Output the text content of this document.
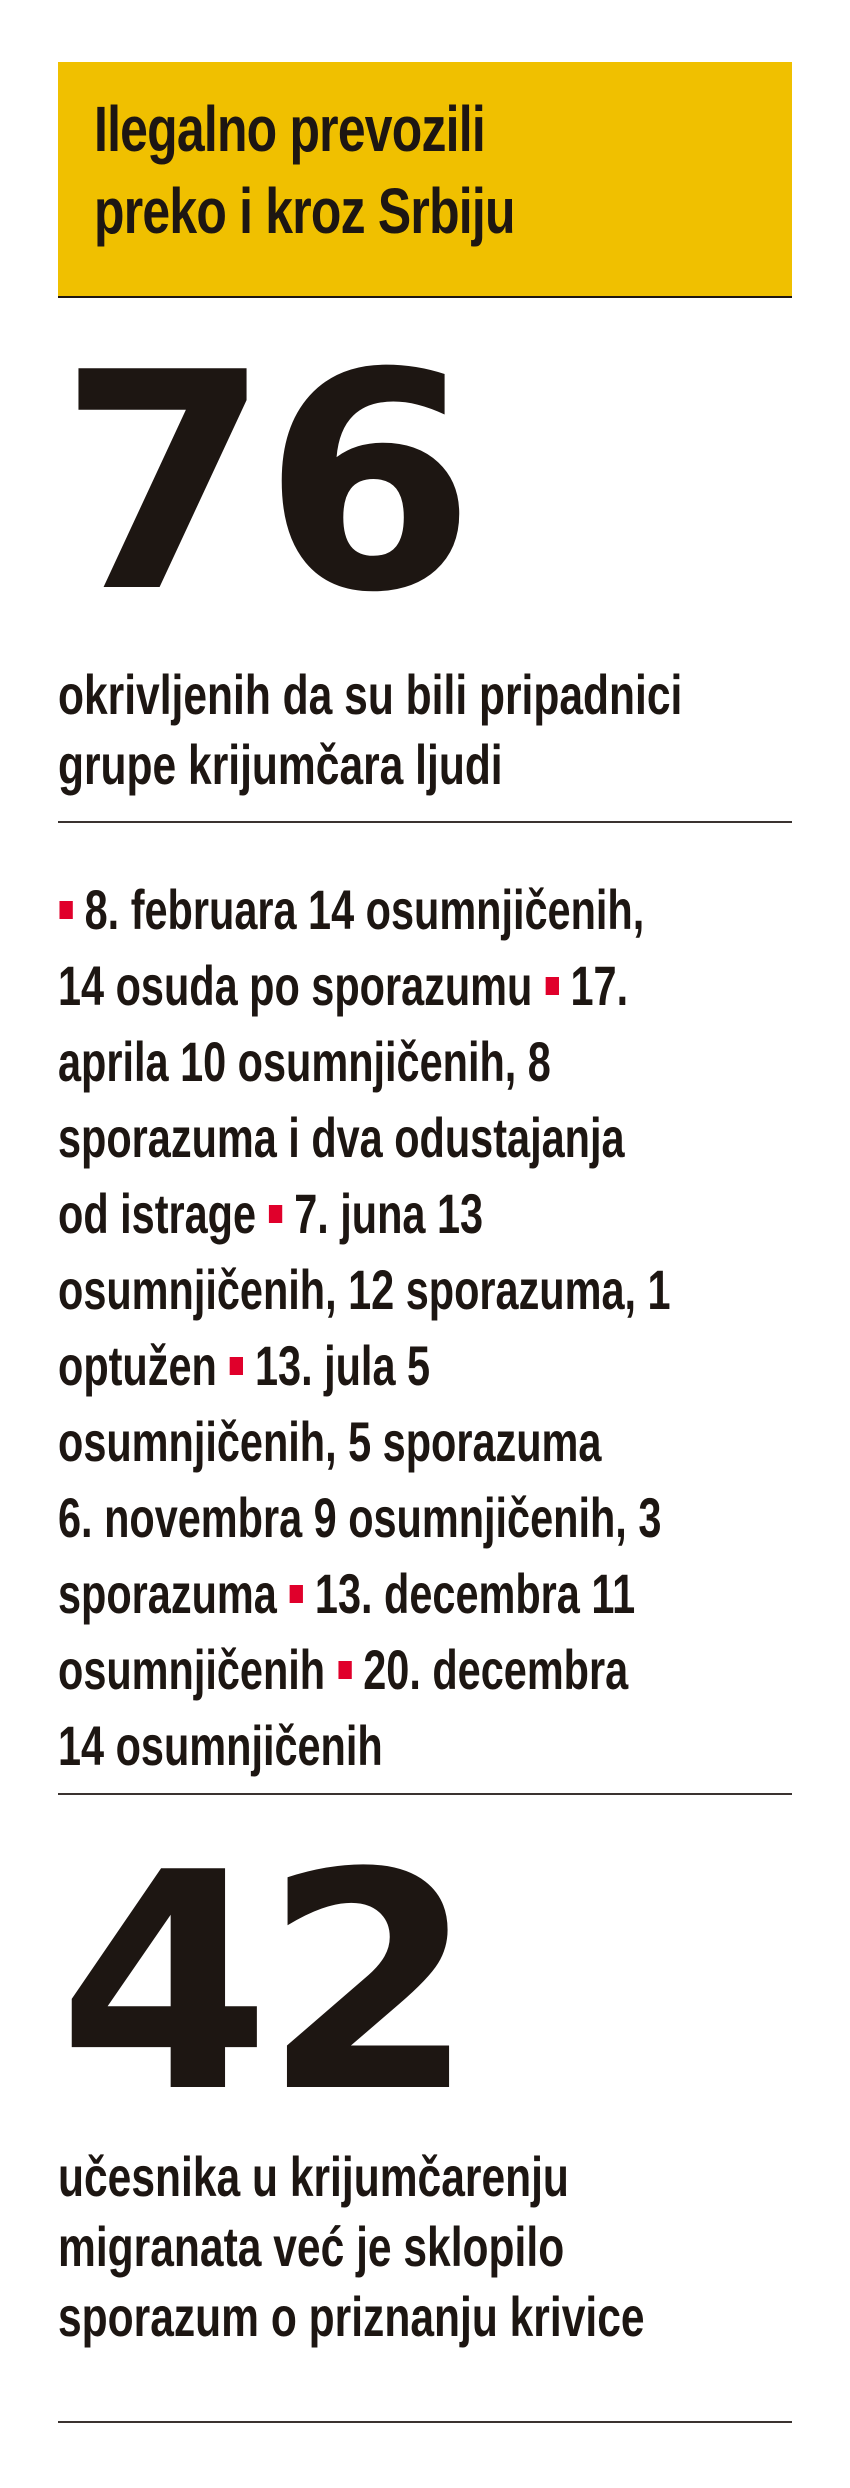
Ilegalno prevozili
preko i kroz Srbiju
76
okrivljenih da su bili pripadnici
grupe krijumčara ljudi
8. februara 14 osumnjičenih,
14 osuda po sporazumu 17.
aprila 10 osumnjičenih, 8
sporazuma i dva odustajanja
od istrage 7. juna 13
osumnjičenih, 12 sporazuma, 1
optužen 13. jula 5
osumnjičenih, 5 sporazuma
6. novembra 9 osumnjičenih, 3
sporazuma 13. decembra 11
osumnjičenih 20. decembra
14 osumnjičenih
42
učesnika u krijumčarenju
migranata već je sklopilo
sporazum o priznanju krivice
